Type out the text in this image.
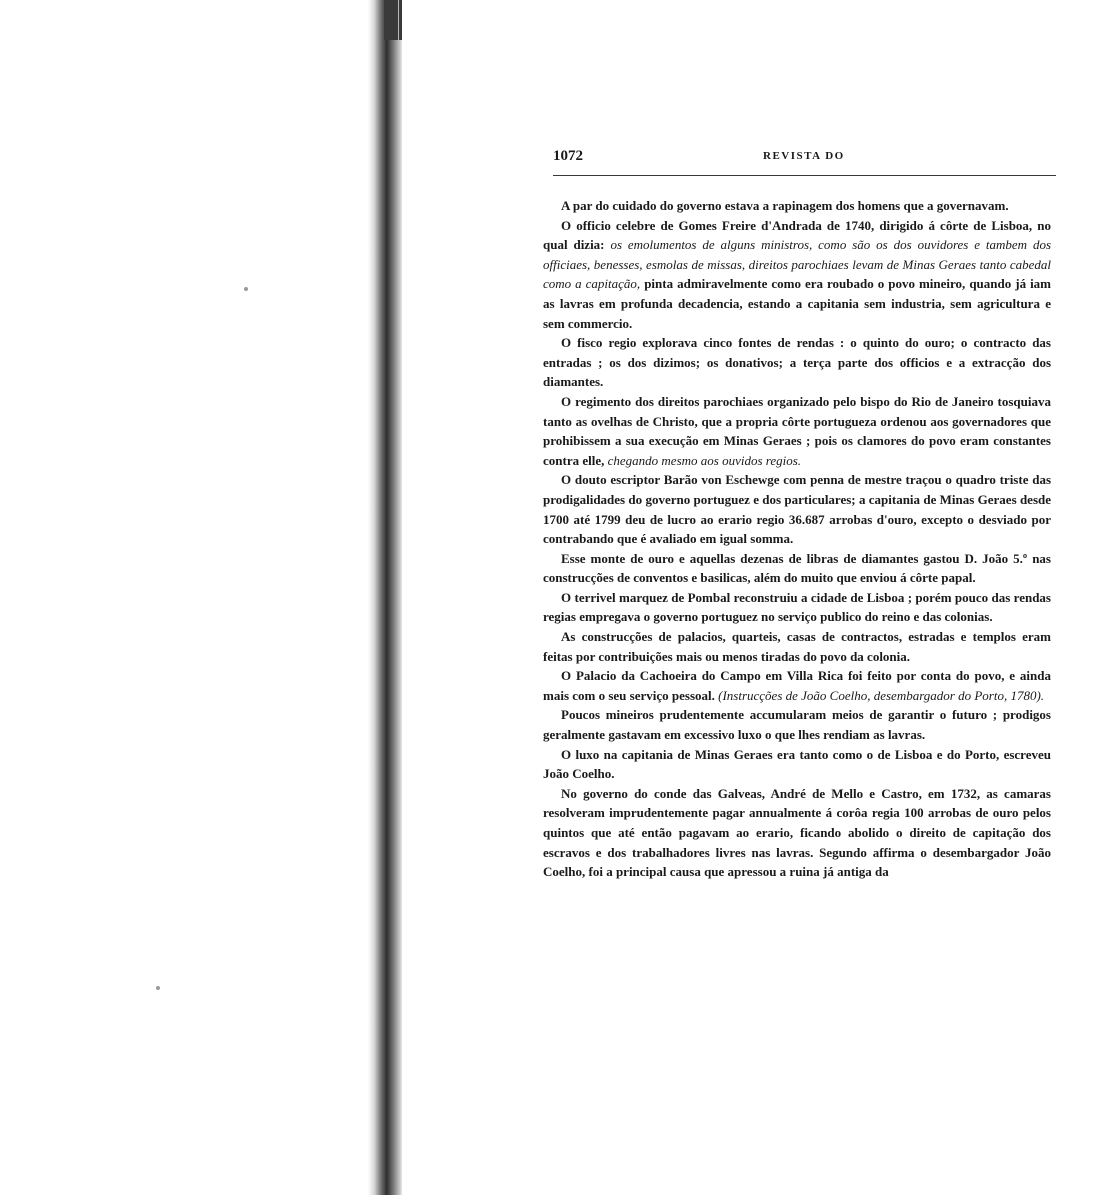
1072	REVISTA DO

A par do cuidado do governo estava a rapinagem dos homens que a governavam.

O officio celebre de Gomes Freire d'Andrada de 1740, dirigido á côrte de Lisboa, no qual dizia: os emolumentos de alguns ministros, como são os dos ouvidores e tambem dos officiaes, benesses, esmolas de missas, direitos parochiaes levam de Minas Geraes tanto cabedal como a capitação, pinta admiravelmente como era roubado o povo mineiro, quando já iam as lavras em profunda decadencia, estando a capitania sem industria, sem agricultura e sem commercio.

O fisco regio explorava cinco fontes de rendas : o quinto do ouro; o contracto das entradas ; os dos dizimos; os donativos; a terça parte dos officios e a extracção dos diamantes.

O regimento dos direitos parochiaes organizado pelo bispo do Rio de Janeiro tosquiava tanto as ovelhas de Christo, que a propria côrte portugueza ordenou aos governadores que prohibissem a sua execução em Minas Geraes ; pois os clamores do povo eram constantes contra elle, chegando mesmo aos ouvidos regios.

O douto escriptor Barão von Eschewge com penna de mestre traçou o quadro triste das prodigalidades do governo portuguez e dos particulares; a capitania de Minas Geraes desde 1700 até 1799 deu de lucro ao erario regio 36.687 arrobas d'ouro, excepto o desviado por contrabando que é avaliado em igual somma.

Esse monte de ouro e aquellas dezenas de libras de diamantes gastou D. João 5.º nas construcções de conventos e basilicas, além do muito que enviou á côrte papal.

O terrivel marquez de Pombal reconstruiu a cidade de Lisboa ; porém pouco das rendas regias empregava o governo portuguez no serviço publico do reino e das colonias.

As construcções de palacios, quarteis, casas de contractos, estradas e templos eram feitas por contribuições mais ou menos tiradas do povo da colonia.

O Palacio da Cachoeira do Campo em Villa Rica foi feito por conta do povo, e ainda mais com o seu serviço pessoal. (Instrucções de João Coelho, desembargador do Porto, 1780).

Poucos mineiros prudentemente accumularam meios de garantir o futuro ; prodigos geralmente gastavam em excessivo luxo o que lhes rendiam as lavras.

O luxo na capitania de Minas Geraes era tanto como o de Lisboa e do Porto, escreveu João Coelho.

No governo do conde das Galveas, André de Mello e Castro, em 1732, as camaras resolveram imprudentemente pagar annualmente á corôa regia 100 arrobas de ouro pelos quintos que até então pagavam ao erario, ficando abolido o direito de capitação dos escravos e dos trabalhadores livres nas lavras. Segundo affirma o desembargador João Coelho, foi a principal causa que apressou a ruina já antiga da
